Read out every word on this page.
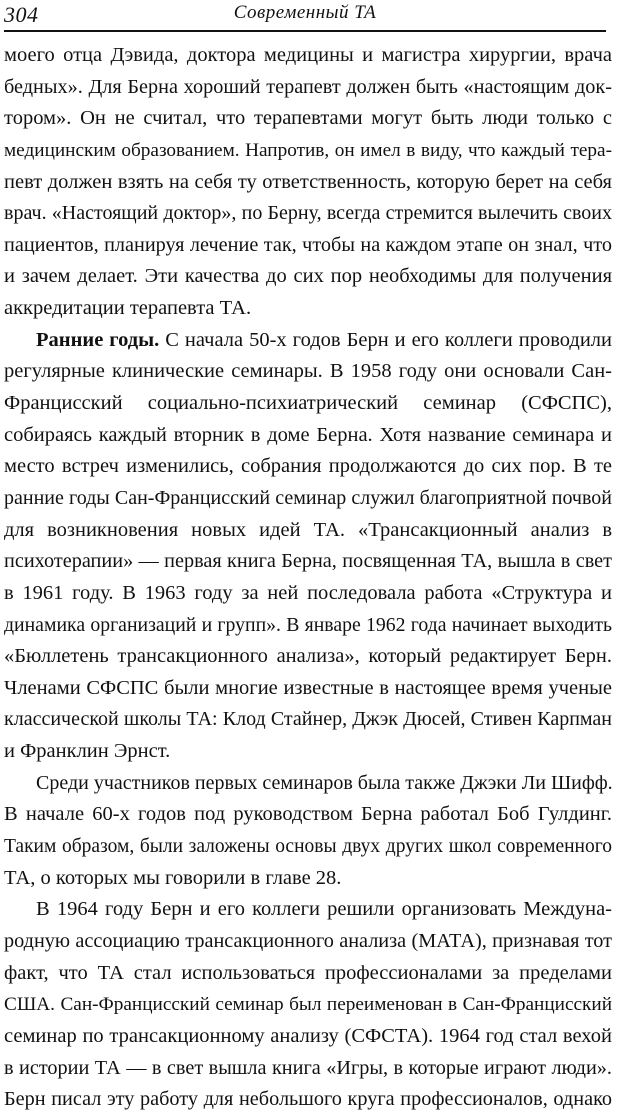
304	Современный ТА
моего отца Дэвида, доктора медицины и магистра хирургии, врача
бедных». Для Берна хороший терапевт должен быть «настоящим док-
тором». Он не считал, что терапевтами могут быть люди только с
медицинским образованием. Напротив, он имел в виду, что каждый тера-
певт должен взять на себя ту ответственность, которую берет на себя
врач. «Настоящий доктор», по Берну, всегда стремится вылечить своих
пациентов, планируя лечение так, чтобы на каждом этапе он знал, что
и зачем делает. Эти качества до сих пор необходимы для получения
аккредитации терапевта ТА.
Ранние годы. С начала 50-х годов Берн и его коллеги проводили
регулярные клинические семинары. В 1958 году они основали Сан-
Францисский социально-психиатрический семинар (СФСПС),
собираясь каждый вторник в доме Берна. Хотя название семинара и
место встреч изменились, собрания продолжаются до сих пор. В те
ранние годы Сан-Францисский семинар служил благоприятной почвой
для возникновения новых идей ТА. «Трансакционный анализ в
психотерапии» — первая книга Берна, посвященная ТА, вышла в свет
в 1961 году. В 1963 году за ней последовала работа «Структура и
динамика организаций и групп». В январе 1962 года начинает выходить
«Бюллетень трансакционного анализа», который редактирует Берн.
Членами СФСПС были многие известные в настоящее время ученые
классической школы ТА: Клод Стайнер, Джэк Дюсей, Стивен Карпман
и Франклин Эрнст.
Среди участников первых семинаров была также Джэки Ли Шифф.
В начале 60-х годов под руководством Берна работал Боб Гулдинг.
Таким образом, были заложены основы двух других школ современного
ТА, о которых мы говорили в главе 28.
В 1964 году Берн и его коллеги решили организовать Междуна-
родную ассоциацию трансакционного анализа (МАТА), признавая тот
факт, что ТА стал использоваться профессионалами за пределами
США. Сан-Францисский семинар был переименован в Сан-Францисский
семинар по трансакционному анализу (СФСТА). 1964 год стал вехой
в истории ТА — в свет вышла книга «Игры, в которые играют люди».
Берн писал эту работу для небольшого круга профессионалов, однако
